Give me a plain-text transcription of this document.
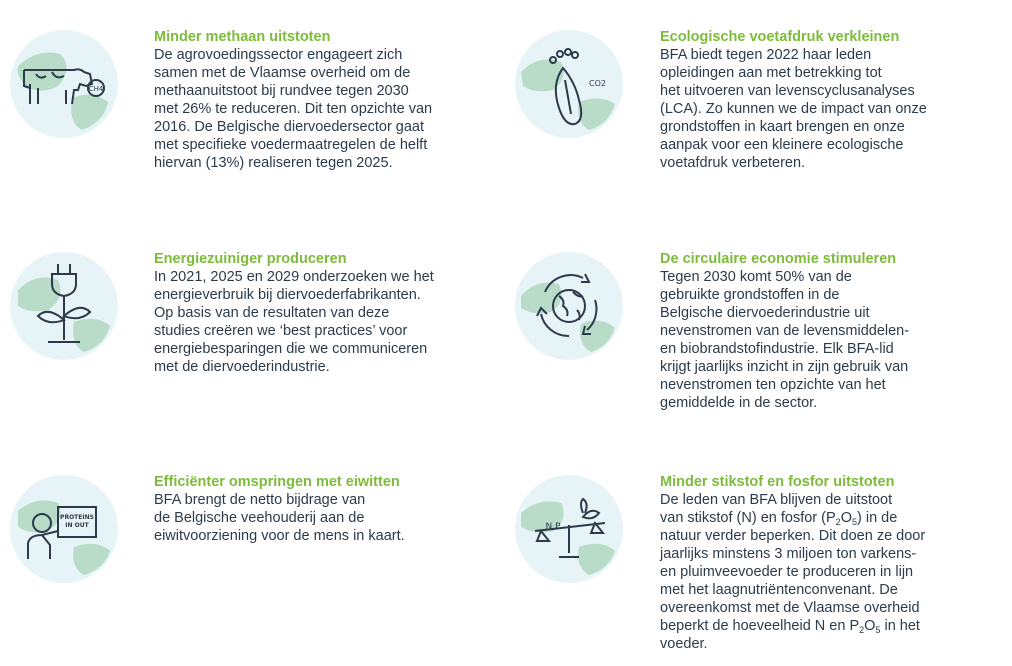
CH4

Minder methaan uitstoten

De agrovoedingssector engageert zich
samen met de Vlaamse overheid om de
methaanuitstoot bij rundvee tegen 2030
met 26% te reduceren. Dit ten opzichte van
2016. De Belgische diervoedersector gaat
met specifieke voedermaatregelen de helft
hiervan (13%) realiseren tegen 2025.

CO2

Ecologische voetafdruk verkleinen

BFA biedt tegen 2022 haar leden
opleidingen aan met betrekking tot
het uitvoeren van levenscyclusanalyses
(LCA). Zo kunnen we de impact van onze
grondstoffen in kaart brengen en onze
aanpak voor een kleinere ecologische
voetafdruk verbeteren.

Energiezuiniger produceren

In 2021, 2025 en 2029 onderzoeken we het
energieverbruik bij diervoederfabrikanten.
Op basis van de resultaten van deze
studies creëren we ‘best practices’ voor
energiebesparingen die we communiceren
met de diervoederindustrie.

De circulaire economie stimuleren

Tegen 2030 komt 50% van de
gebruikte grondstoffen in de
Belgische diervoederindustrie uit
nevenstromen van de levensmiddelen-
en biobrandstofindustrie. Elk BFA-lid
krijgt jaarlijks inzicht in zijn gebruik van
nevenstromen ten opzichte van het
gemiddelde in de sector.

PROTEINS
IN OUT

Efficiënter omspringen met eiwitten

BFA brengt de netto bijdrage van
de Belgische veehouderij aan de
eiwitvoorziening voor de mens in kaart.

N P

Minder stikstof en fosfor uitstoten

De leden van BFA blijven de uitstoot
van stikstof (N) en fosfor $(P_2O_5)$ in de
natuur verder beperken. Dit doen ze door
jaarlijks minstens 3 miljoen ton varkens-
en pluimveevoeder te produceren in lijn
met het laagnutriëntenconvenant. De
overeenkomst met de Vlaamse overheid
beperkt de hoeveelheid N en $P_2O_5$ in het
voeder.
